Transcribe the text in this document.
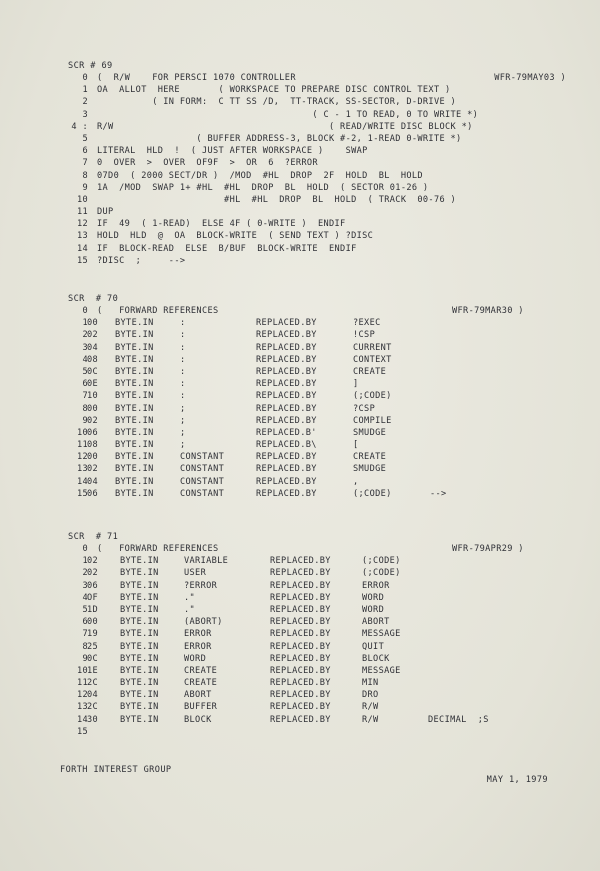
SCR # 69
0 (  R/W    FOR PERSCI 1070 CONTROLLER	WFR-79MAY03 )
1 OA  ALLOT  HERE       ( WORKSPACE TO PREPARE DISC CONTROL TEXT )
2 ( IN FORM:  C TT SS /D,  TT-TRACK, SS-SECTOR, D-DRIVE )
3 ( C - 1 TO READ, 0 TO WRITE *)
4 : R/W                                       ( READ/WRITE DISC BLOCK *)
5 ( BUFFER ADDRESS-3, BLOCK #-2, 1-READ 0-WRITE *)
6 LITERAL  HLD  !  ( JUST AFTER WORKSPACE )    SWAP
7 0  OVER  >  OVER  OF9F  >  OR  6  ?ERROR
8 07D0  ( 2000 SECT/DR )  /MOD  #HL  DROP  2F  HOLD  BL  HOLD
9 1A  /MOD  SWAP 1+ #HL  #HL  DROP  BL  HOLD  ( SECTOR 01-26 )
10 #HL  #HL  DROP  BL  HOLD  ( TRACK  00-76 )
11 DUP
12 IF  49  ( 1-READ)  ELSE 4F ( 0-WRITE )  ENDIF
13 HOLD  HLD  @  OA  BLOCK-WRITE  ( SEND TEXT ) ?DISC
14 IF  BLOCK-READ  ELSE  B/BUF  BLOCK-WRITE  ENDIF
15 ?DISC  ;     -->
SCR  # 70

0

(   FORWARD REFERENCES

	WFR-79MAR30 )

1 00 BYTE.IN	:	REPLACED.BY	?EXEC
2 02 BYTE.IN	:	REPLACED.BY	!CSP
3 04 BYTE.IN	:	REPLACED.BY	CURRENT
4 08 BYTE.IN	:	REPLACED.BY	CONTEXT
5 0C BYTE.IN	:	REPLACED.BY	CREATE
6 0E BYTE.IN	:	REPLACED.BY	]
7 10 BYTE.IN	:	REPLACED.BY	(;CODE)
8 00 BYTE.IN	;	REPLACED.BY	?CSP
9 02 BYTE.IN	;	REPLACED.BY	COMPILE
10 06 BYTE.IN	;	REPLACED.B'	SMUDGE
11 08 BYTE.IN	;	REPLACED.B\	[
12 00 BYTE.IN	CONSTANT	REPLACED.BY	CREATE
13 02 BYTE.IN	CONSTANT	REPLACED.BY	SMUDGE
14 04 BYTE.IN	CONSTANT	REPLACED.BY	,
15 06 BYTE.IN	CONSTANT	REPLACED.BY	(;CODE)	-->
SCR  # 71

0

(   FORWARD REFERENCES

	WFR-79APR29 )

1 02	BYTE.IN	VARIABLE	REPLACED.BY	(;CODE)
2 02	BYTE.IN	USER	REPLACED.BY	(;CODE)
3 06	BYTE.IN	?ERROR	REPLACED.BY	ERROR
4 OF	BYTE.IN	."	REPLACED.BY	WORD
5 1D	BYTE.IN	."	REPLACED.BY	WORD
6 00	BYTE.IN	(ABORT)	REPLACED.BY	ABORT
7 19	BYTE.IN	ERROR	REPLACED.BY	MESSAGE
8 25	BYTE.IN	ERROR	REPLACED.BY	QUIT
9 0C	BYTE.IN	WORD	REPLACED.BY	BLOCK
10 1E	BYTE.IN	CREATE	REPLACED.BY	MESSAGE
11 2C	BYTE.IN	CREATE	REPLACED.BY	MIN
12 04	BYTE.IN	ABORT	REPLACED.BY	DRO
13 2C	BYTE.IN	BUFFER	REPLACED.BY	R/W
14 30	BYTE.IN	BLOCK	REPLACED.BY	R/W	DECIMAL  ;S

15

FORTH INTEREST GROUP

MAY 1, 1979
